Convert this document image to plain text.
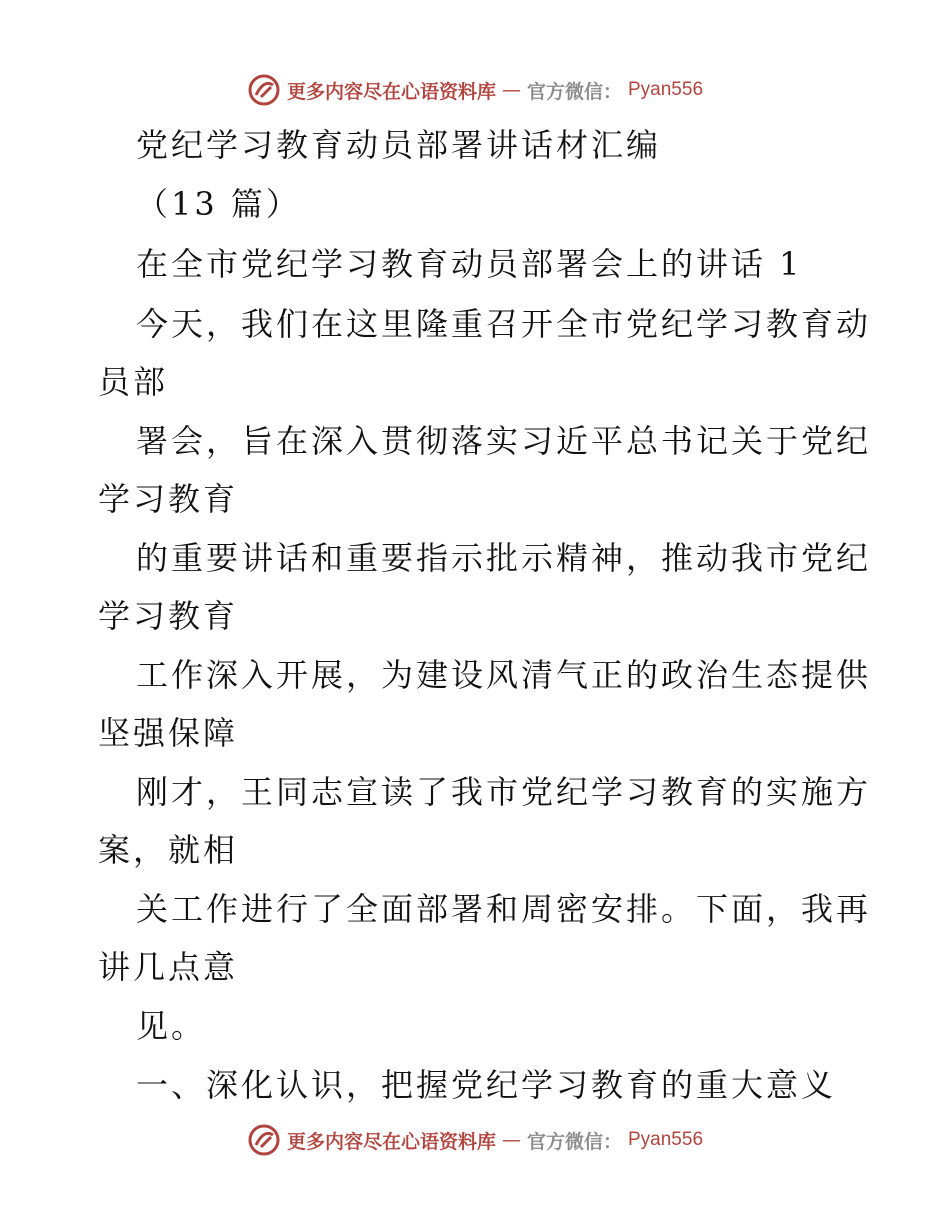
更多内容尽在心语资料库 — 官方微信： Pyan556
党纪学习教育动员部署讲话材汇编
（13 篇）
在全市党纪学习教育动员部署会上的讲话 1
今天，我们在这里隆重召开全市党纪学习教育动
员部
署会，旨在深入贯彻落实习近平总书记关于党纪
学习教育
的重要讲话和重要指示批示精神，推动我市党纪
学习教育
工作深入开展，为建设风清气正的政治生态提供
坚强保障
刚才，王同志宣读了我市党纪学习教育的实施方
案，就相
关工作进行了全面部署和周密安排。下面，我再
讲几点意
见。
一、深化认识，把握党纪学习教育的重大意义
更多内容尽在心语资料库 — 官方微信： Pyan556
